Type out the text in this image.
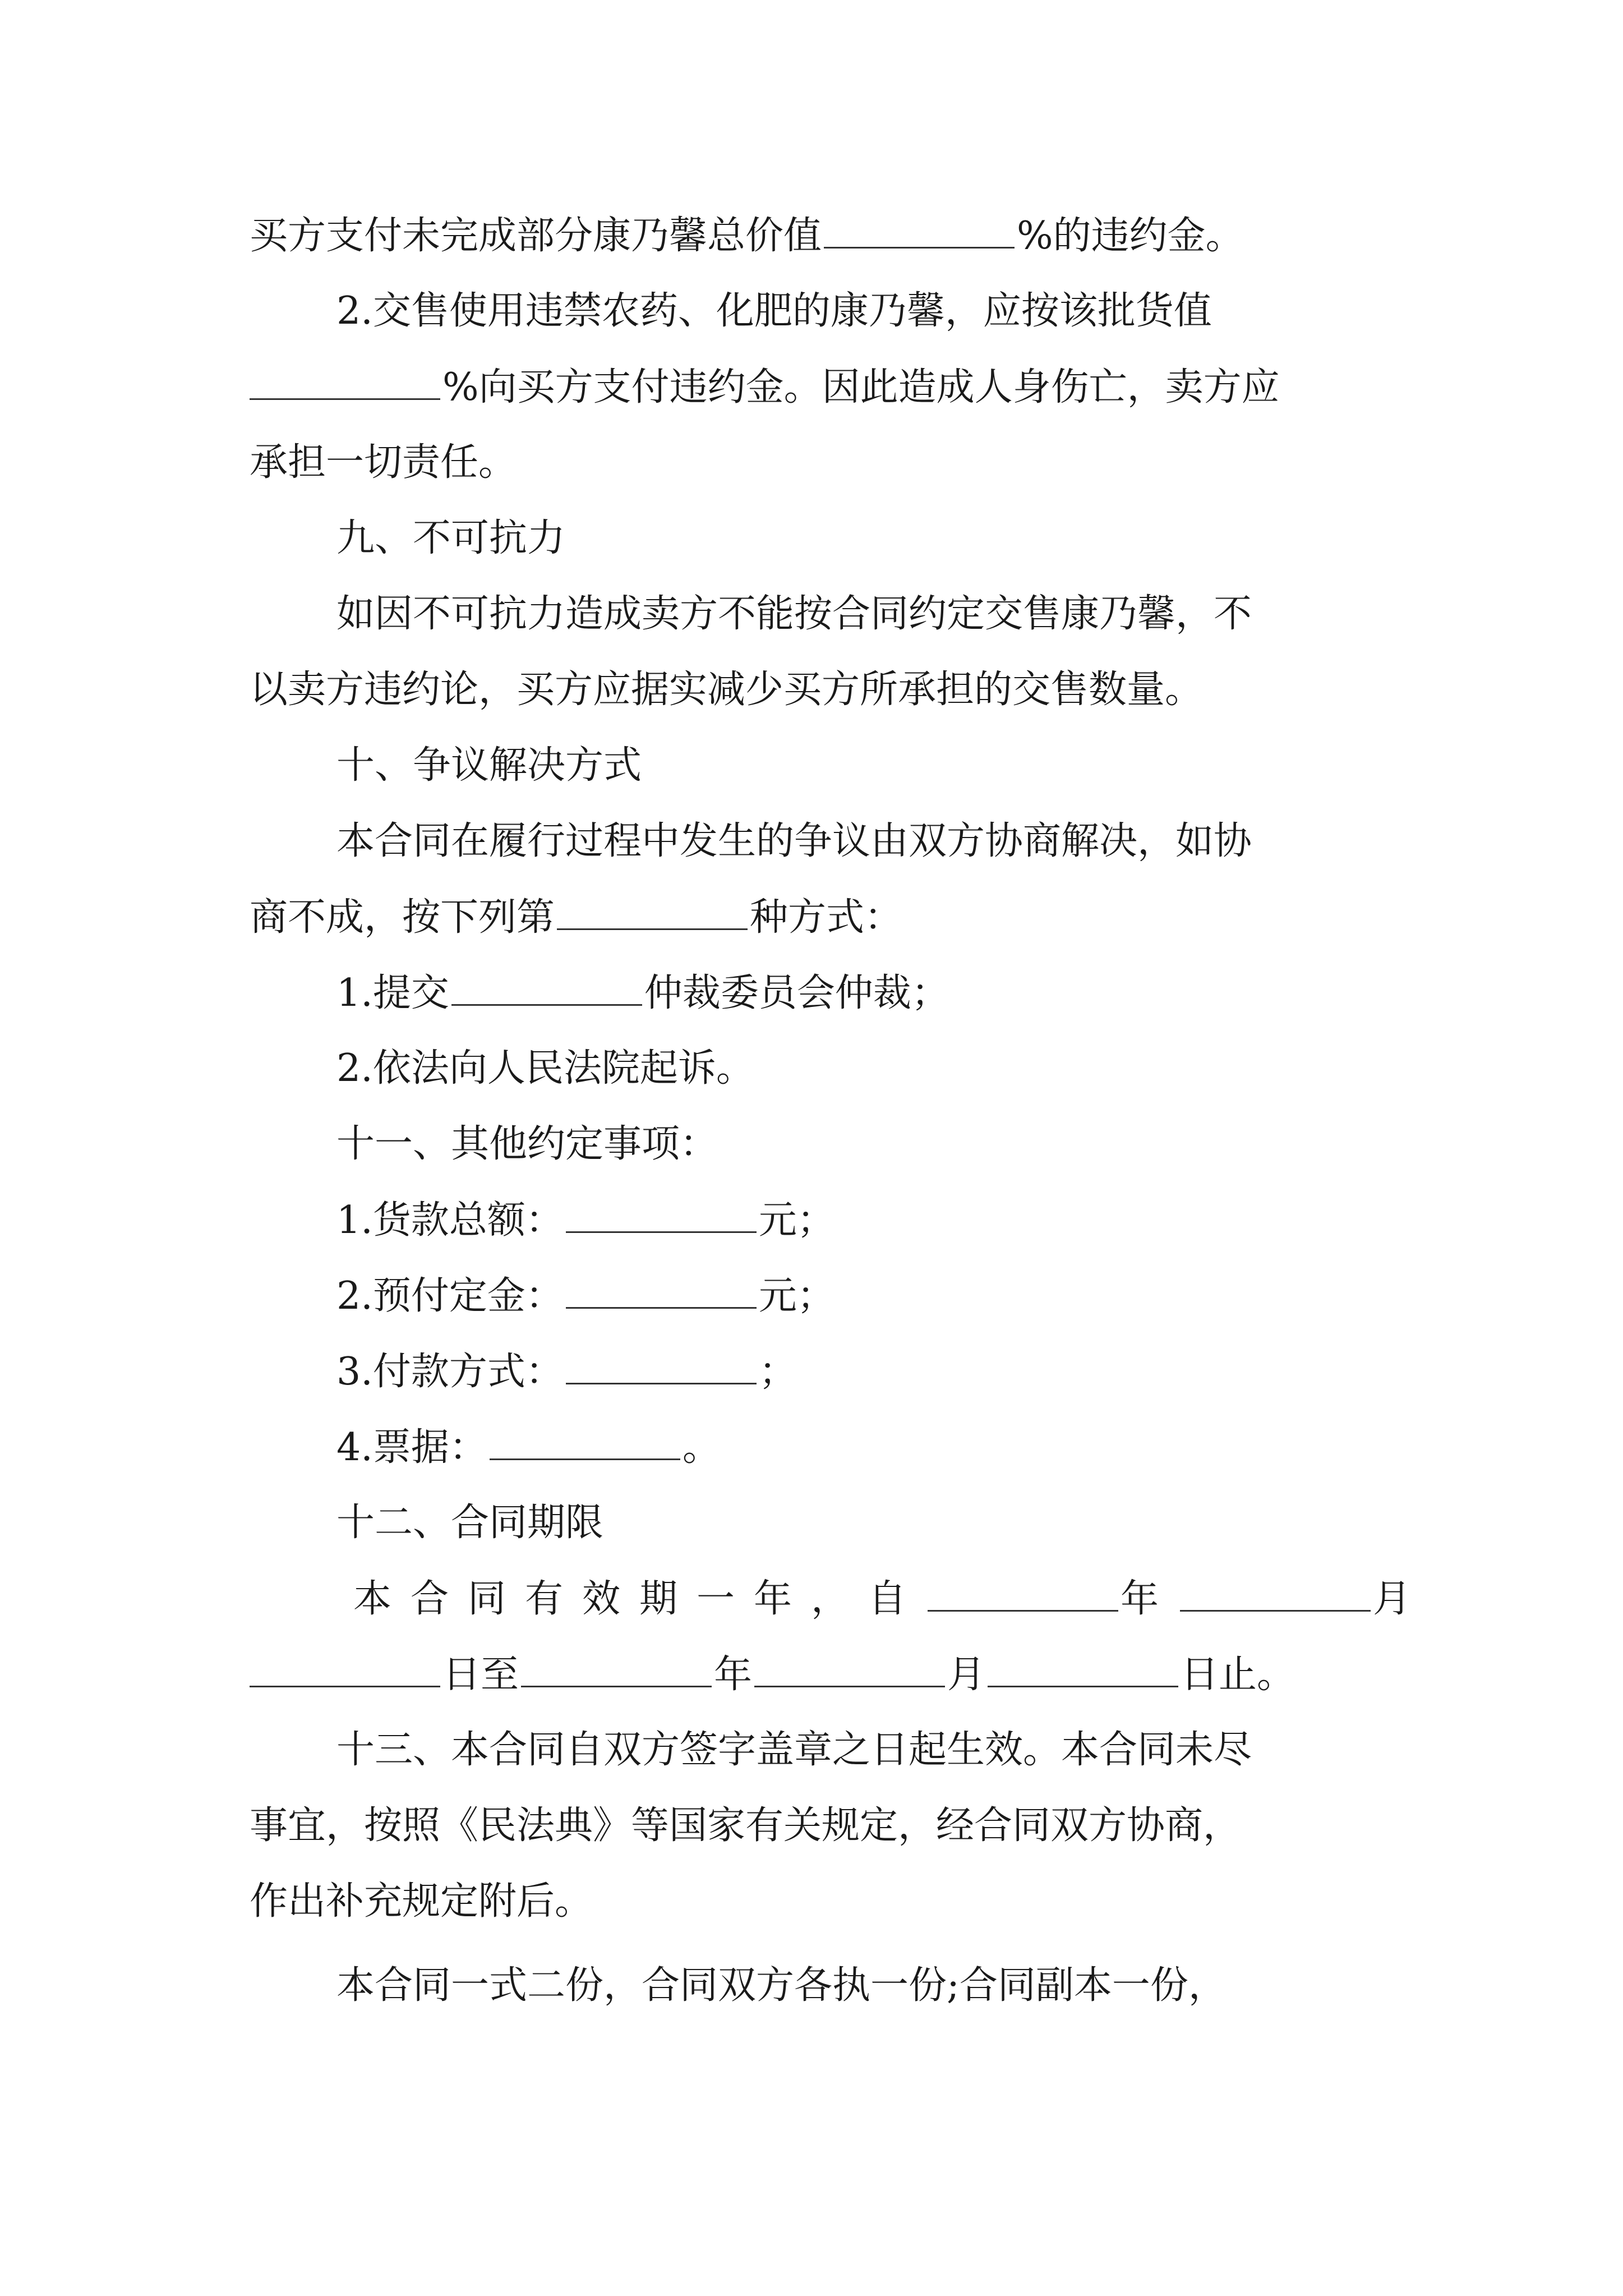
买方支付未完成部分康乃馨总价值	%的违约金。
2.交售使用违禁农药、化肥的康乃馨，应按该批货值
%向买方支付违约金。因此造成人身伤亡，卖方应
承担一切责任。
九、不可抗力
如因不可抗力造成卖方不能按合同约定交售康乃馨，不
以卖方违约论，买方应据实减少买方所承担的交售数量。
十、争议解决方式
本合同在履行过程中发生的争议由双方协商解决，如协
商不成，按下列第	种方式：
1.提交	仲裁委员会仲裁；
2.依法向人民法院起诉。
十一、其他约定事项：
1.货款总额：	元；
2.预付定金：	元；
3.付款方式：	；
4.票据：	。
十二、合同期限
本合同有效期一年，自	年	月
日至	年	月	日止。
十三、本合同自双方签字盖章之日起生效。本合同未尽
事宜，按照《民法典》等国家有关规定，经合同双方协商，
作出补充规定附后。
本合同一式二份，合同双方各执一份;合同副本一份，
